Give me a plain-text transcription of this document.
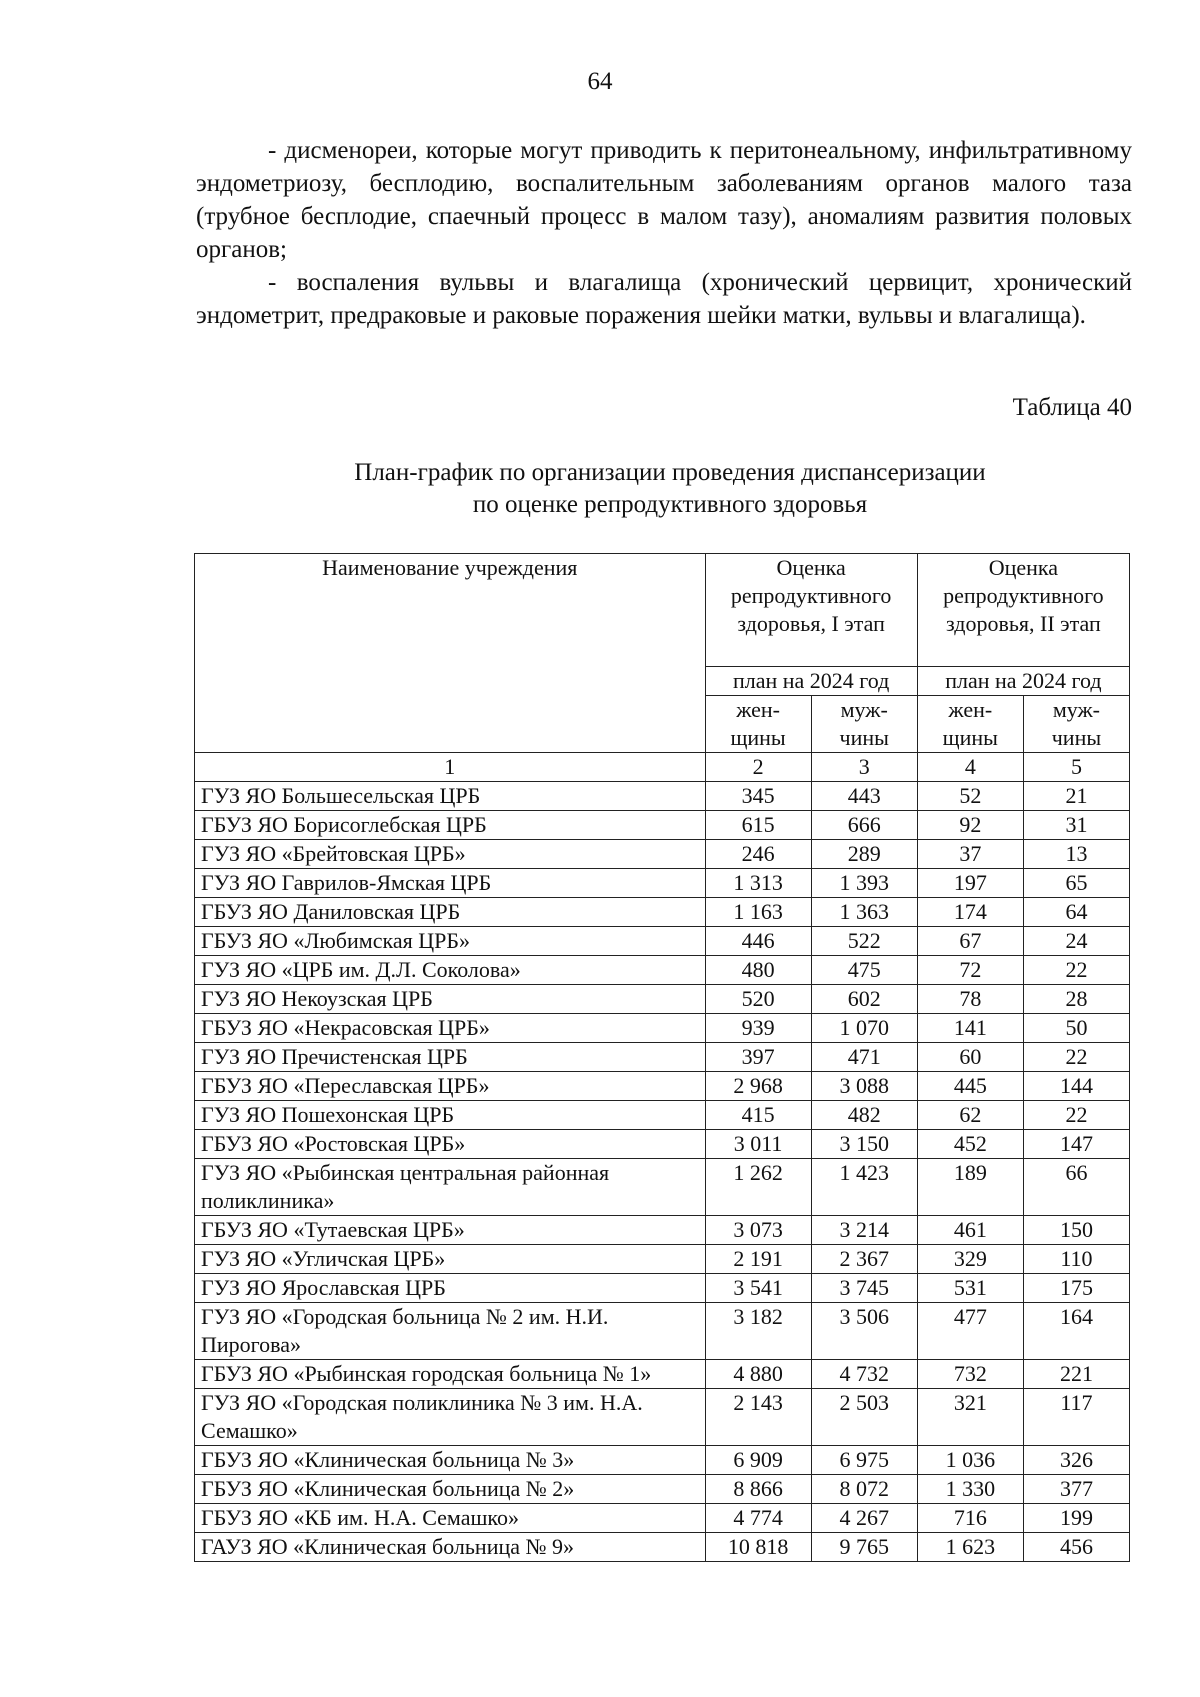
64

- дисменореи, которые могут приводить к перитонеальному, инфильтративному эндометриозу, бесплодию, воспалительным заболеваниям органов малого таза (трубное бесплодие, спаечный процесс в малом тазу), аномалиям развития половых органов;

- воспаления вульвы и влагалища (хронический цервицит, хронический эндометрит, предраковые и раковые поражения шейки матки, вульвы и влагалища).

Таблица 40
План-график по организации проведения диспансеризации
по оценке репродуктивного здоровья
Наименование учреждения	Оценка репродуктивного здоровья, I этап		Оценка репродуктивного здоровья, II этап	
	план на 2024 год		план на 2024 год	
	жен-щины	муж-чины	жен-щины	муж-чины
1	2	3	4	5
ГУЗ ЯО Большесельская ЦРБ	345	443	52	21
ГБУЗ ЯО Борисоглебская ЦРБ	615	666	92	31
ГУЗ ЯО «Брейтовская ЦРБ»	246	289	37	13
ГУЗ ЯО Гаврилов-Ямская ЦРБ	1 313	1 393	197	65
ГБУЗ ЯО Даниловская ЦРБ	1 163	1 363	174	64
ГБУЗ ЯО «Любимская ЦРБ»	446	522	67	24
ГУЗ ЯО «ЦРБ им. Д.Л. Соколова»	480	475	72	22
ГУЗ ЯО Некоузская ЦРБ	520	602	78	28
ГБУЗ ЯО «Некрасовская ЦРБ»	939	1 070	141	50
ГУЗ ЯО Пречистенская ЦРБ	397	471	60	22
ГБУЗ ЯО «Переславская ЦРБ»	2 968	3 088	445	144
ГУЗ ЯО Пошехонская ЦРБ	415	482	62	22
ГБУЗ ЯО «Ростовская ЦРБ»	3 011	3 150	452	147
ГУЗ ЯО «Рыбинская центральная районная поликлиника»	1 262	1 423	189	66
ГБУЗ ЯО «Тутаевская ЦРБ»	3 073	3 214	461	150
ГУЗ ЯО «Угличская ЦРБ»	2 191	2 367	329	110
ГУЗ ЯО Ярославская ЦРБ	3 541	3 745	531	175
ГУЗ ЯО «Городская больница № 2 им. Н.И. Пирогова»	3 182	3 506	477	164
ГБУЗ ЯО «Рыбинская городская больница № 1»	4 880	4 732	732	221
ГУЗ ЯО «Городская поликлиника № 3 им. Н.А. Семашко»	2 143	2 503	321	117
ГБУЗ ЯО «Клиническая больница № 3»	6 909	6 975	1 036	326
ГБУЗ ЯО «Клиническая больница № 2»	8 866	8 072	1 330	377
ГБУЗ ЯО «КБ им. Н.А. Семашко»	4 774	4 267	716	199
ГАУЗ ЯО «Клиническая больница № 9»	10 818	9 765	1 623	456
